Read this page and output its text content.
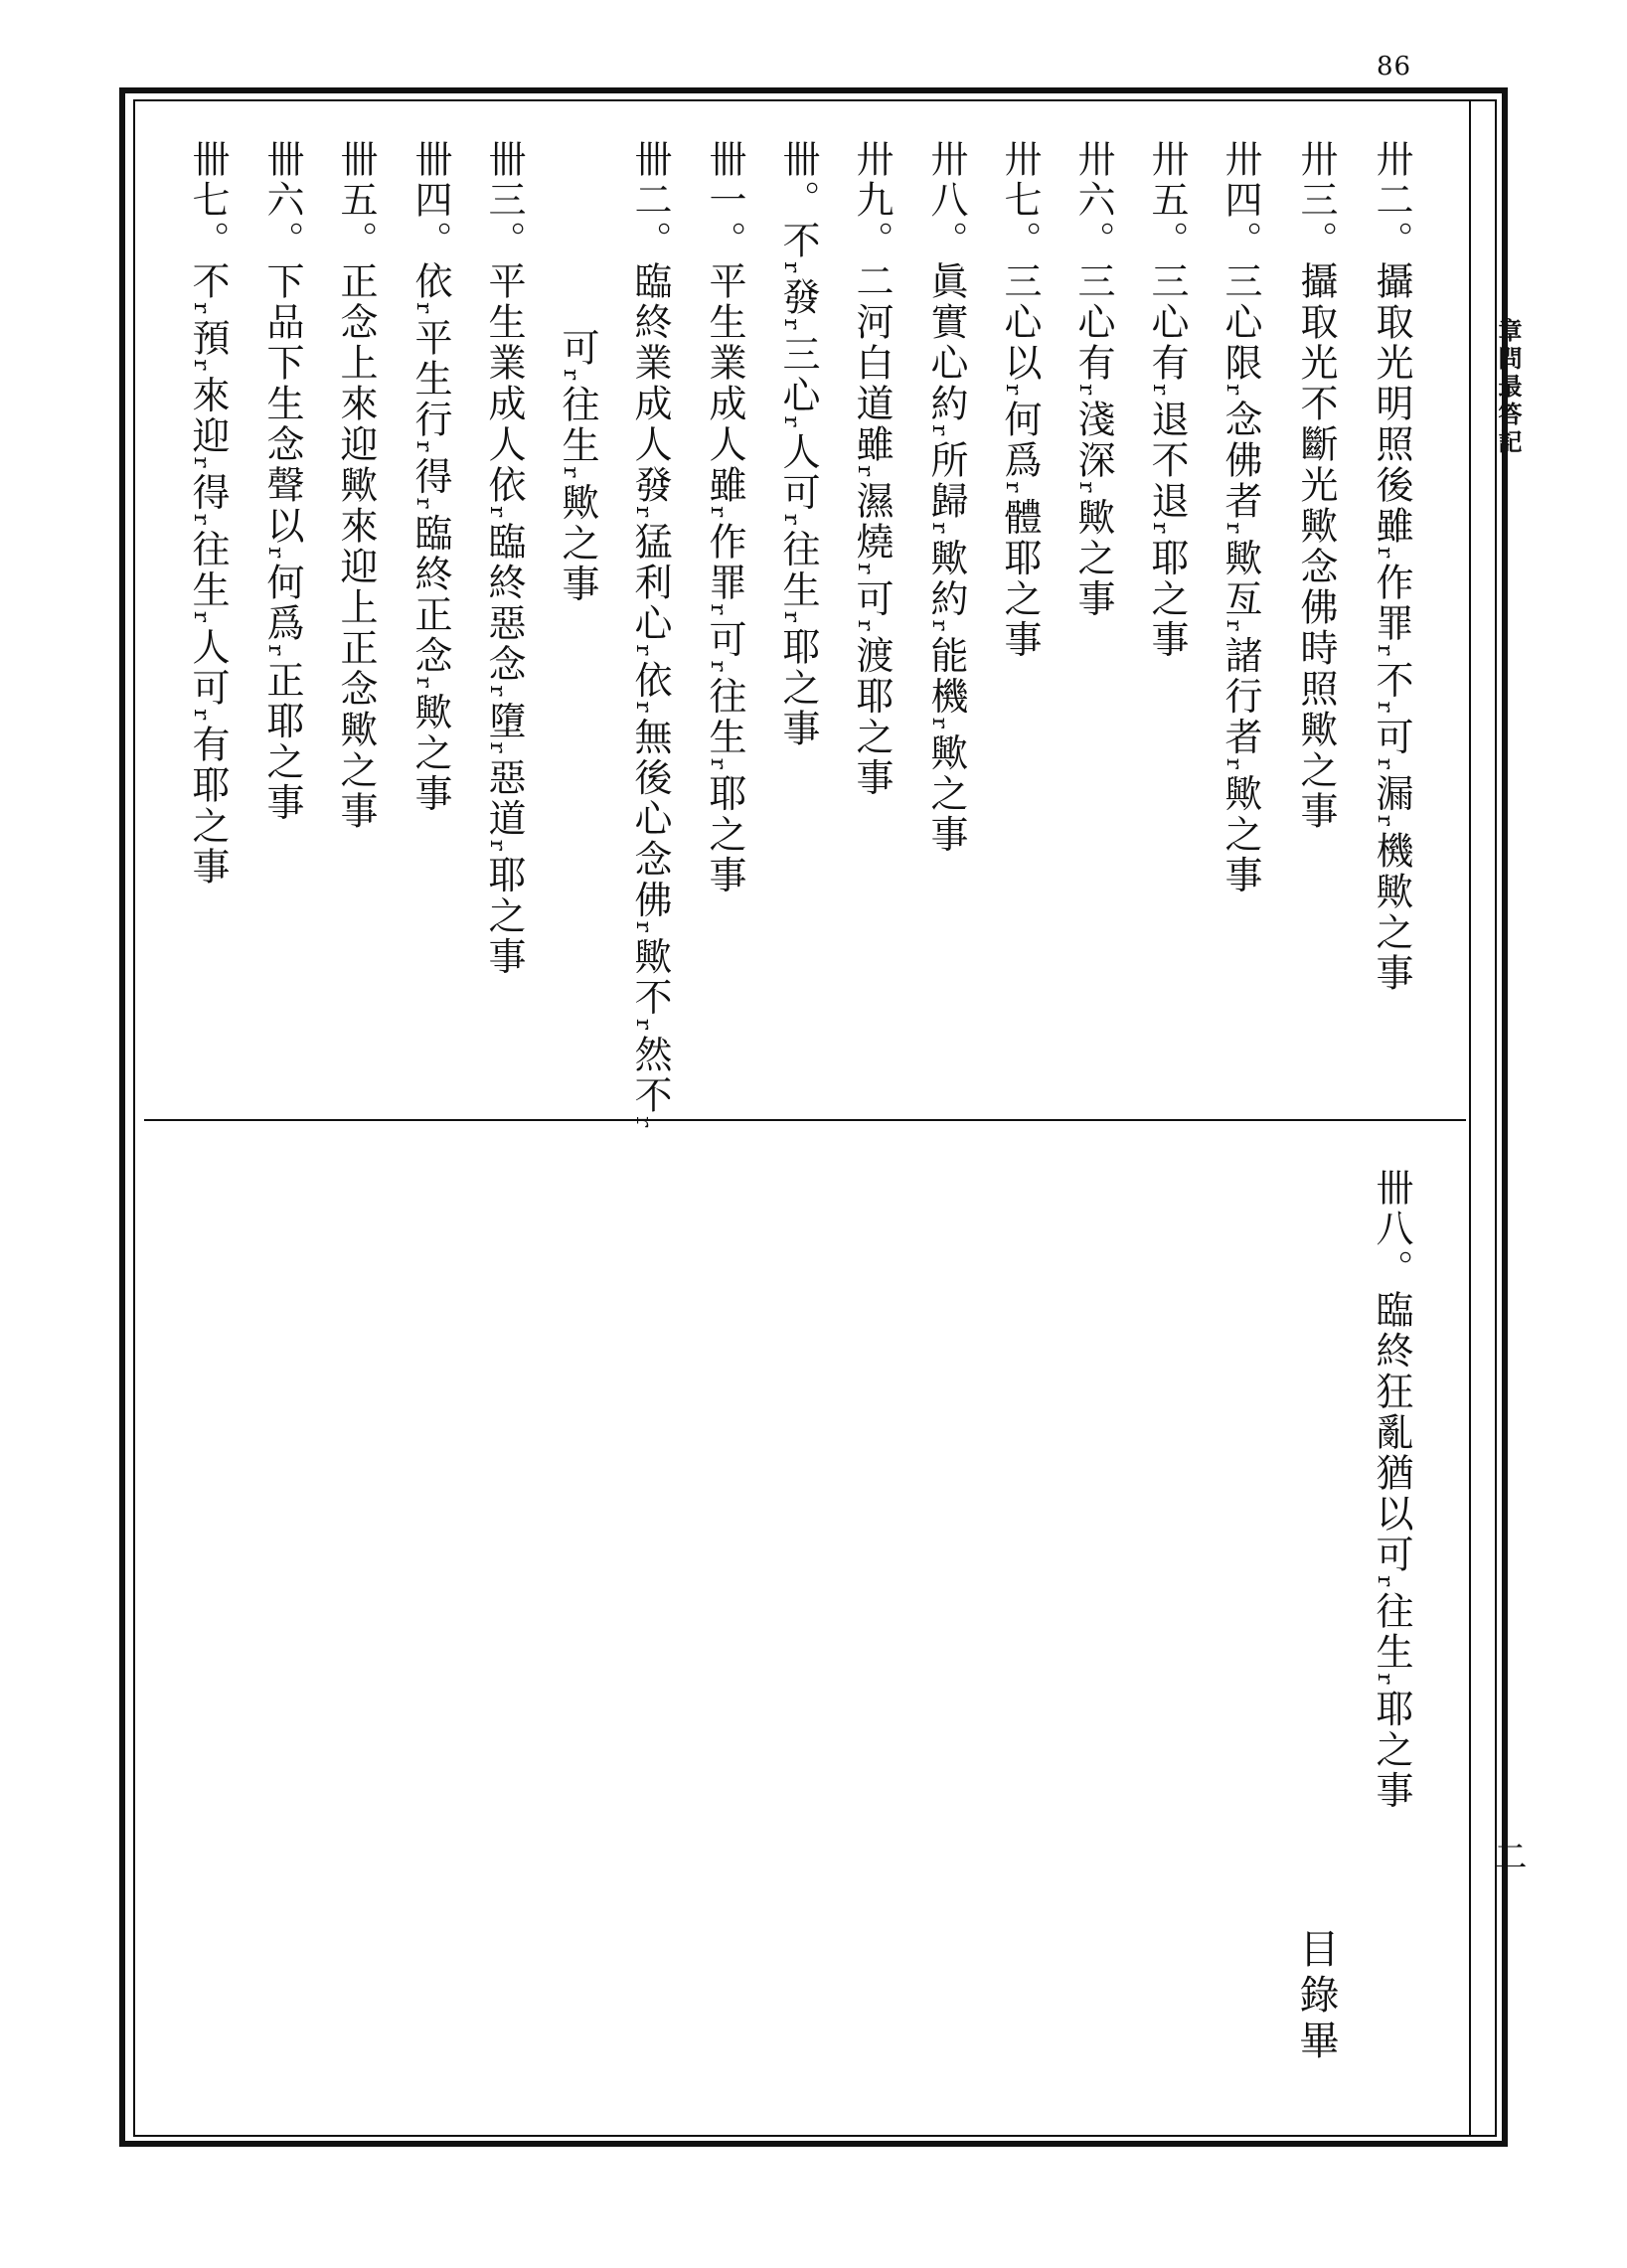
86
章問最答記
二
卅二。攝取光明照後雖ᵣ作罪ᵣ不ᵣ可ᵣ漏ᵣ機歟之事
卅三。攝取光不斷光歟念佛時照歟之事
卅四。三心限ᵣ念佛者ᵣ歟亙ᵣ諸行者ᵣ歟之事
卅五。三心有ᵣ退不退ᵣ耶之事
卅六。三心有ᵣ淺深ᵣ歟之事
卅七。三心以ᵣ何爲ᵣ體耶之事
卅八。眞實心約ᵣ所歸ᵣ歟約ᵣ能機ᵣ歟之事
卅九。二河白道雖ᵣ濕燒ᵣ可ᵣ渡耶之事
卌。不ᵣ發ᵣ三心ᵣ人可ᵣ往生ᵣ耶之事
卌一。平生業成人雖ᵣ作罪ᵣ可ᵣ往生ᵣ耶之事
卌二。臨終業成人發ᵣ猛利心ᵣ依ᵣ無後心念佛ᵣ歟不ᵣ然不ᵣ
可ᵣ往生ᵣ歟之事
卌三。平生業成人依ᵣ臨終惡念ᵣ墮ᵣ惡道ᵣ耶之事
卌四。依ᵣ平生行ᵣ得ᵣ臨終正念ᵣ歟之事
卌五。正念上來迎歟來迎上正念歟之事
卌六。下品下生念聲以ᵣ何爲ᵣ正耶之事
卌七。不ᵣ預ᵣ來迎ᵣ得ᵣ往生ᵣ人可ᵣ有耶之事
卌八。臨終狂亂猶以可ᵣ往生ᵣ耶之事
目錄畢
